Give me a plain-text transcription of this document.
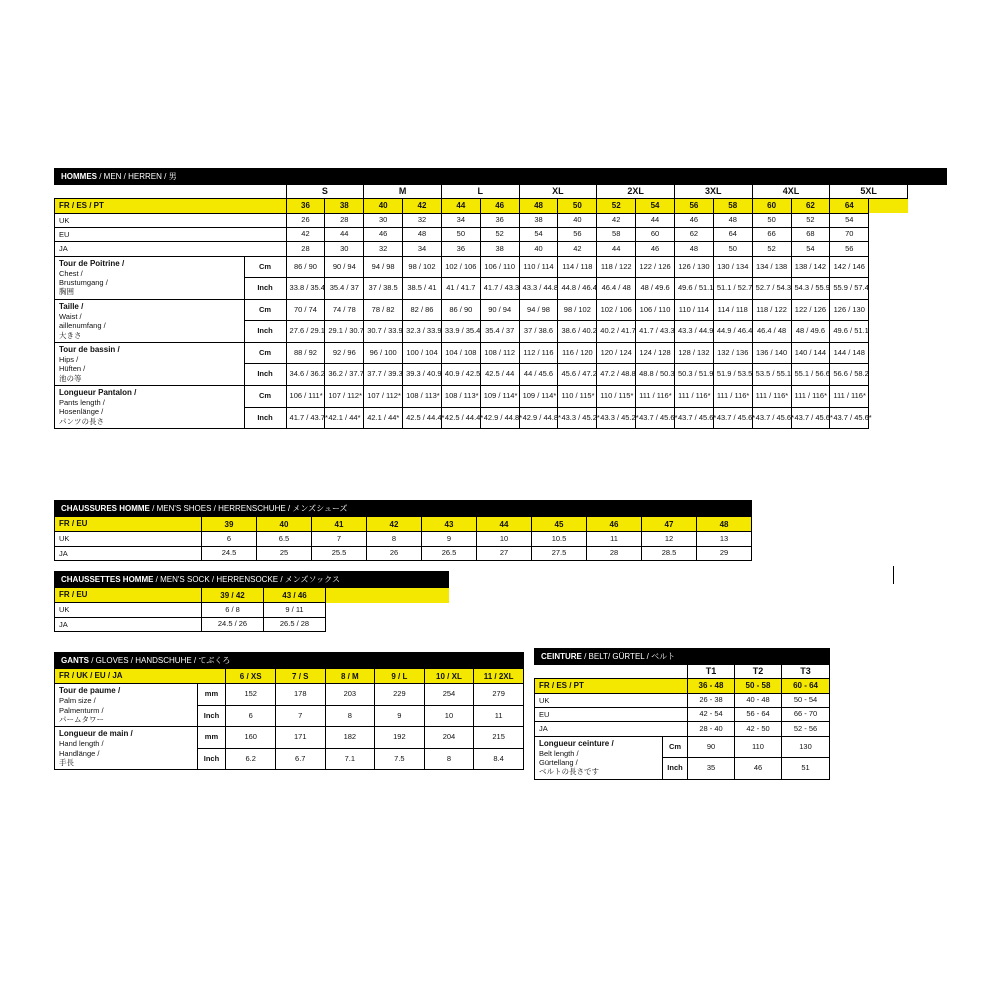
HOMMES / MEN / HERREN / 男																		
		S		M		L		XL		2XL		3XL		4XL		5XL		
FR / ES / PT		36	38	40	42	44	46	48	50	52	54	56	58	60	62	64		
UK		26	28	30	32	34	36	38	40	42	44	46	48	50	52	54		
EU		42	44	46	48	50	52	54	56	58	60	62	64	66	68	70		
JA		28	30	32	34	36	38	40	42	44	46	48	50	52	54	56		
Tour de Poitrine /
Chest /
Brustumgang /
胸囲	Cm	86 / 90	90 / 94	94 / 98	98 / 102	102 / 106	106 / 110	110 / 114	114 / 118	118 / 122	122 / 126	126 / 130	130 / 134	134 / 138	138 / 142	142 / 146		
	Inch	33.8 / 35.4	35.4 / 37	37 / 38.5	38.5 / 41	41 / 41.7	41.7 / 43.3	43.3 / 44.8	44.8 / 46.4	46.4 / 48	48 / 49.6	49.6 / 51.1	51.1 / 52.7	52.7 / 54.3	54.3 / 55.9	55.9 / 57.4		
Taille /
Waist /
aillenumfang /
大きさ	Cm	70 / 74	74 / 78	78 / 82	82 / 86	86 / 90	90 / 94	94 / 98	98 / 102	102 / 106	106 / 110	110 / 114	114 / 118	118 / 122	122 / 126	126 / 130		
	Inch	27.6 / 29.1	29.1 / 30.7	30.7 / 33.9	32.3 / 33.9	33.9 / 35.4	35.4 / 37	37 / 38.6	38.6 / 40.2	40.2 / 41.7	41.7 / 43.3	43.3 / 44.9	44.9 / 46.4	46.4 / 48	48 / 49.6	49.6 / 51.1		
Tour de bassin /
Hips /
Hüften /
池の等	Cm	88 / 92	92 / 96	96 / 100	100 / 104	104 / 108	108 / 112	112 / 116	116 / 120	120 / 124	124 / 128	128 / 132	132 / 136	136 / 140	140 / 144	144 / 148		
	Inch	34.6 / 36.2	36.2 / 37.7	37.7 / 39.3	39.3 / 40.9	40.9 / 42.5	42.5 / 44	44 / 45.6	45.6 / 47.2	47.2 / 48.8	48.8 / 50.3	50.3 / 51.9	51.9 / 53.5	53.5 / 55.1	55.1 / 56.6	56.6 / 58.2		
Longueur Pantalon /
Pants length /
Hosenlänge /
パンツの長さ	Cm	106 / 111*	107 / 112*	107 / 112*	108 / 113*	108 / 113*	109 / 114*	109 / 114*	110 / 115*	110 / 115*	111 / 116*	111 / 116*	111 / 116*	111 / 116*	111 / 116*	111 / 116*		
	Inch	41.7 / 43.7*	42.1 / 44*	42.1 / 44*	42.5 / 44.4*	42.5 / 44.4*	42.9 / 44.8*	42.9 / 44.8*	43.3 / 45.2*	43.3 / 45.2*	43.7 / 45.6*	43.7 / 45.6*	43.7 / 45.6*	43.7 / 45.6*	43.7 / 45.6*	43.7 / 45.6*		
CHAUSSURES HOMME / MEN'S SHOES / HERRENSCHUHE / メンズシューズ										
FR / EU	39	40	41	42	43	44	45	46	47	48
UK	6	6.5	7	8	9	10	10.5	11	12	13
JA	24.5	25	25.5	26	26.5	27	27.5	28	28.5	29
CHAUSSETTES HOMME / MEN'S SOCK / HERRENSOCKE / メンズソックス			
FR / EU	39 / 42	43 / 46	
UK	6 / 8	9 / 11	
JA	24.5 / 26	26.5 / 28	
GANTS / GLOVES / HANDSCHUHE / てぶくろ							
FR / UK / EU / JA		6 / XS	7 / S	8 / M	9 / L	10 / XL	11 / 2XL
Tour de paume /
Palm size /
Palmenturm /
パームタワー	mm	152	178	203	229	254	279
	Inch	6	7	8	9	10	11
Longueur de main /
Hand length /
Handlänge /
手長	mm	160	171	182	192	204	215
	Inch	6.2	6.7	7.1	7.5	8	8.4
CEINTURE / BELT/ GÜRTEL / ベルト				
		T1	T2	T3
FR / ES / PT		36 - 48	50 - 58	60 - 64
UK		26 - 38	40 - 48	50 - 54
EU		42 - 54	56 - 64	66 - 70
JA		28 - 40	42 - 50	52 - 56
Longueur ceinture /
Belt length /
Gürtellang /
ベルトの長さです	Cm	90	110	130
	Inch	35	46	51
